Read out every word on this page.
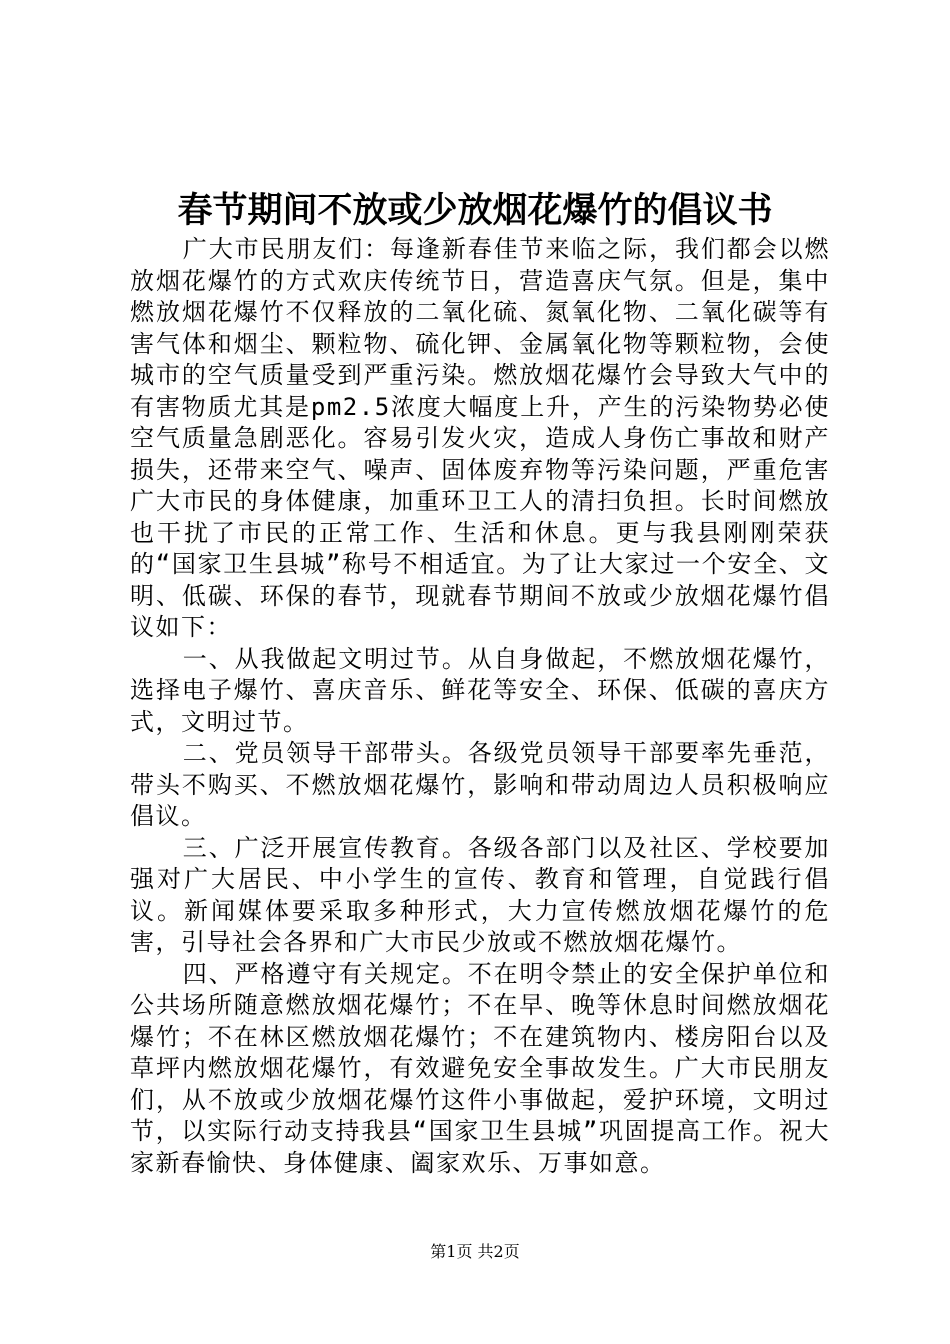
春节期间不放或少放烟花爆竹的倡议书

广大市民朋友们：每逢新春佳节来临之际，我们都会以燃放烟花爆竹的方式欢庆传统节日，营造喜庆气氛。但是，集中燃放烟花爆竹不仅释放的二氧化硫、氮氧化物、二氧化碳等有害气体和烟尘、颗粒物、硫化钾、金属氧化物等颗粒物，会使城市的空气质量受到严重污染。燃放烟花爆竹会导致大气中的有害物质尤其是pm2.5浓度大幅度上升，产生的污染物势必使空气质量急剧恶化。容易引发火灾，造成人身伤亡事故和财产损失，还带来空气、噪声、固体废弃物等污染问题，严重危害广大市民的身体健康，加重环卫工人的清扫负担。长时间燃放也干扰了市民的正常工作、生活和休息。更与我县刚刚荣获的“国家卫生县城”称号不相适宜。为了让大家过一个安全、文明、低碳、环保的春节，现就春节期间不放或少放烟花爆竹倡议如下：

一、从我做起文明过节。从自身做起，不燃放烟花爆竹，选择电子爆竹、喜庆音乐、鲜花等安全、环保、低碳的喜庆方式，文明过节。

二、党员领导干部带头。各级党员领导干部要率先垂范，带头不购买、不燃放烟花爆竹，影响和带动周边人员积极响应倡议。

三、广泛开展宣传教育。各级各部门以及社区、学校要加强对广大居民、中小学生的宣传、教育和管理，自觉践行倡议。新闻媒体要采取多种形式，大力宣传燃放烟花爆竹的危害，引导社会各界和广大市民少放或不燃放烟花爆竹。

四、严格遵守有关规定。不在明令禁止的安全保护单位和公共场所随意燃放烟花爆竹；不在早、晚等休息时间燃放烟花爆竹；不在林区燃放烟花爆竹；不在建筑物内、楼房阳台以及草坪内燃放烟花爆竹，有效避免安全事故发生。广大市民朋友们，从不放或少放烟花爆竹这件小事做起，爱护环境，文明过节，以实际行动支持我县“国家卫生县城”巩固提高工作。祝大家新春愉快、身体健康、阖家欢乐、万事如意。

第1页 共2页
